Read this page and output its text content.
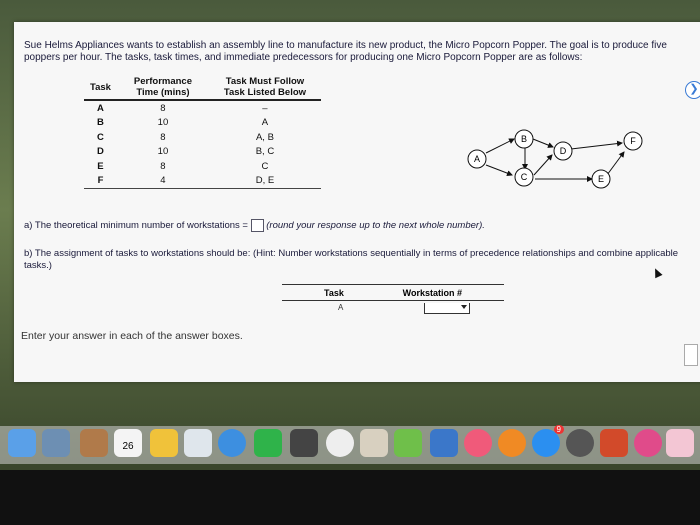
Sue Helms Appliances wants to establish an assembly line to manufacture its new product, the Micro Popcorn Popper. The goal is to produce five poppers per hour. The tasks, task times, and immediate predecessors for producing one Micro Popcorn Popper are as follows:
Task	Performance Time (mins)	Task Must Follow Task Listed Below
A	8	–
B	10	A
C	8	A, B
D	10	B, C
E	8	C
F	4	D, E
A
B
C
D
E
F
a) The theoretical minimum number of workstations = (round your response up to the next whole number).
b) The assignment of tasks to workstations should be: (Hint: Number workstations sequentially in terms of precedence relationships and combine applicable tasks.)
Task	Workstation #
A
Enter your answer in each of the answer boxes.
❯
26
9
